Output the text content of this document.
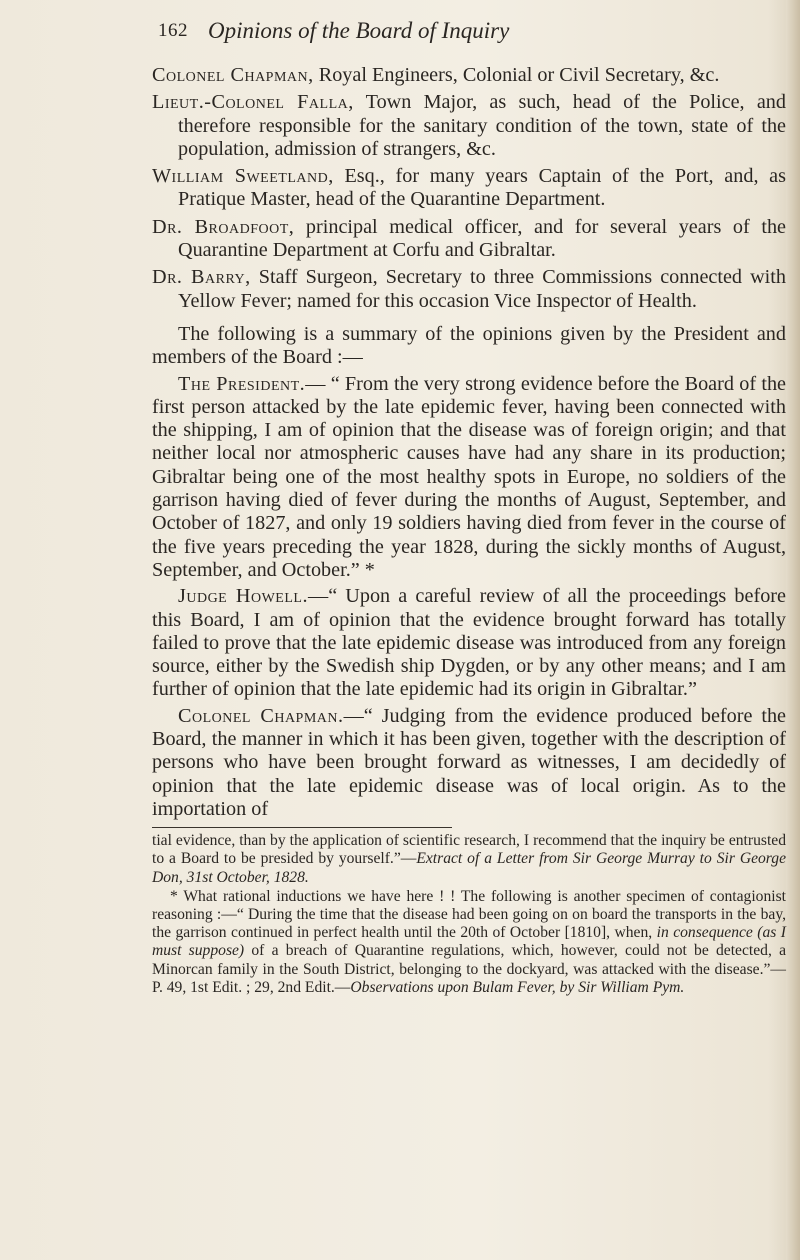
162 Opinions of the Board of Inquiry

Colonel Chapman, Royal Engineers, Colonial or Civil Secretary, &c.

Lieut.-Colonel Falla, Town Major, as such, head of the Police, and therefore responsible for the sanitary condition of the town, state of the population, admission of strangers, &c.

William Sweetland, Esq., for many years Captain of the Port, and, as Pratique Master, head of the Quarantine Department.

Dr. Broadfoot, principal medical officer, and for several years of the Quarantine Department at Corfu and Gibraltar.

Dr. Barry, Staff Surgeon, Secretary to three Commissions connected with Yellow Fever; named for this occasion Vice Inspector of Health.

The following is a summary of the opinions given by the President and members of the Board :—

The President.— “ From the very strong evidence before the Board of the first person attacked by the late epidemic fever, having been connected with the shipping, I am of opinion that the disease was of foreign origin; and that neither local nor atmospheric causes have had any share in its production; Gibraltar being one of the most healthy spots in Europe, no soldiers of the garrison having died of fever during the months of August, September, and October of 1827, and only 19 soldiers having died from fever in the course of the five years preceding the year 1828, during the sickly months of August, September, and October.” *

Judge Howell.—“ Upon a careful review of all the proceedings before this Board, I am of opinion that the evidence brought forward has totally failed to prove that the late epidemic disease was introduced from any foreign source, either by the Swedish ship Dygden, or by any other means; and I am further of opinion that the late epidemic had its origin in Gibraltar.”

Colonel Chapman.—“ Judging from the evidence produced before the Board, the manner in which it has been given, together with the description of persons who have been brought forward as witnesses, I am decidedly of opinion that the late epidemic disease was of local origin. As to the importation of

tial evidence, than by the application of scientific research, I recommend that the inquiry be entrusted to a Board to be presided by yourself.”—Extract of a Letter from Sir George Murray to Sir George Don, 31st October, 1828.

* What rational inductions we have here ! ! The following is another specimen of contagionist reasoning :—“ During the time that the disease had been going on on board the transports in the bay, the garrison continued in perfect health until the 20th of October [1810], when, in consequence (as I must suppose) of a breach of Quarantine regulations, which, however, could not be detected, a Minorcan family in the South District, belonging to the dockyard, was attacked with the disease.”— P. 49, 1st Edit. ; 29, 2nd Edit.—Observations upon Bulam Fever, by Sir William Pym.
